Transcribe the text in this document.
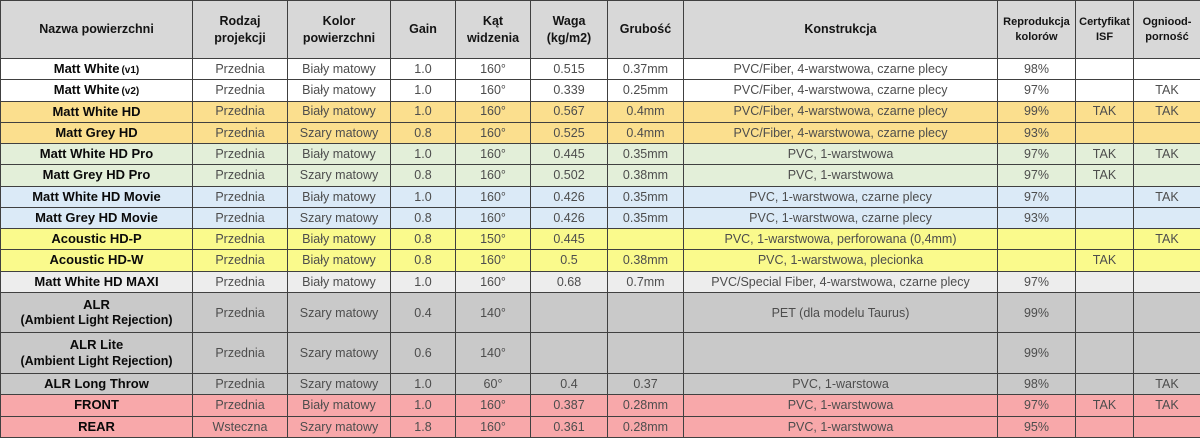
Nazwa powierzchni	Rodzaj projekcji	Kolor powierzchni	Gain	Kąt widzenia	Waga (kg/m2)	Grubość	Konstrukcja	Reprodukcja kolorów	Certyfikat ISF	Ogniood-porność
Matt White (v1)	Przednia	Biały matowy	1.0	160°	0.515	0.37mm	PVC/Fiber, 4-warstwowa, czarne plecy	98%		
Matt White (v2)	Przednia	Biały matowy	1.0	160°	0.339	0.25mm	PVC/Fiber, 4-warstwowa, czarne plecy	97%		TAK
Matt White HD	Przednia	Biały matowy	1.0	160°	0.567	0.4mm	PVC/Fiber, 4-warstwowa, czarne plecy	99%	TAK	TAK
Matt Grey HD	Przednia	Szary matowy	0.8	160°	0.525	0.4mm	PVC/Fiber, 4-warstwowa, czarne plecy	93%		
Matt White HD Pro	Przednia	Biały matowy	1.0	160°	0.445	0.35mm	PVC, 1-warstwowa	97%	TAK	TAK
Matt Grey HD Pro	Przednia	Szary matowy	0.8	160°	0.502	0.38mm	PVC, 1-warstwowa	97%	TAK	
Matt White HD Movie	Przednia	Biały matowy	1.0	160°	0.426	0.35mm	PVC, 1-warstwowa, czarne plecy	97%		TAK
Matt Grey HD Movie	Przednia	Szary matowy	0.8	160°	0.426	0.35mm	PVC, 1-warstwowa, czarne plecy	93%		
Acoustic HD-P	Przednia	Biały matowy	0.8	150°	0.445		PVC, 1-warstwowa, perforowana (0,4mm)			TAK
Acoustic HD-W	Przednia	Biały matowy	0.8	160°	0.5	0.38mm	PVC, 1-warstwowa, plecionka		TAK	
Matt White HD MAXI	Przednia	Biały matowy	1.0	160°	0.68	0.7mm	PVC/Special Fiber, 4-warstwowa, czarne plecy	97%		
ALR
(Ambient Light Rejection)	Przednia	Szary matowy	0.4	140°			PET (dla modelu Taurus)	99%		
ALR Lite
(Ambient Light Rejection)	Przednia	Szary matowy	0.6	140°				99%		
ALR Long Throw	Przednia	Szary matowy	1.0	60°	0.4	0.37	PVC, 1-warstowa	98%		TAK
FRONT	Przednia	Biały matowy	1.0	160°	0.387	0.28mm	PVC, 1-warstwowa	97%	TAK	TAK
REAR	Wsteczna	Szary matowy	1.8	160°	0.361	0.28mm	PVC, 1-warstwowa	95%		
